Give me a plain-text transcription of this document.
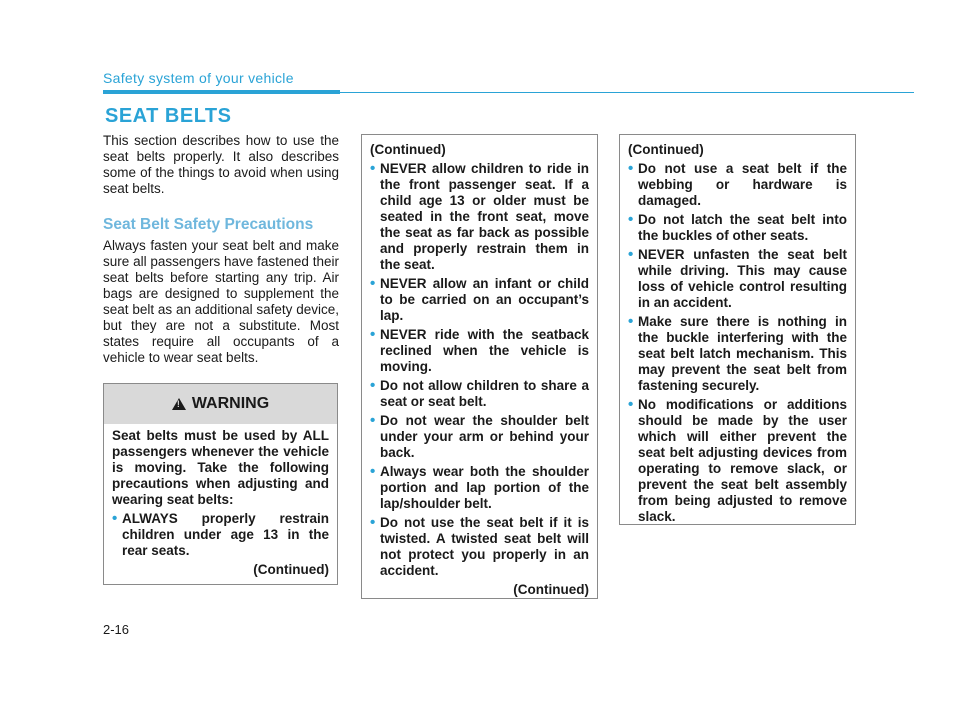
Safety system of your vehicle
SEAT BELTS
This section describes how to use the seat belts properly. It also describes some of the things to avoid when using seat belts.
Seat Belt Safety Precautions
Always fasten your seat belt and make sure all passengers have fastened their seat belts before starting any trip. Air bags are designed to supplement the seat belt as an additional safety device, but they are not a substitute. Most states require all occupants of a vehicle to wear seat belts.
!
WARNING

Seat belts must be used by ALL passengers whenever the vehicle is moving. Take the following precautions when adjusting and wearing seat belts:

• ALWAYS properly restrain children under age 13 in the rear seats.
(Continued)
(Continued)
• NEVER allow children to ride in the front passenger seat. If a child age 13 or older must be seated in the front seat, move the seat as far back as possible and properly restrain them in the seat.
• NEVER allow an infant or child to be carried on an occupant’s lap.
• NEVER ride with the seatback reclined when the vehicle is moving.
• Do not allow children to share a seat or seat belt.
• Do not wear the shoulder belt under your arm or behind your back.
• Always wear both the shoulder portion and lap portion of the lap/shoulder belt.
• Do not use the seat belt if it is twisted. A twisted seat belt will not protect you properly in an accident.
(Continued)
(Continued)
• Do not use a seat belt if the webbing or hardware is damaged.
• Do not latch the seat belt into the buckles of other seats.
• NEVER unfasten the seat belt while driving. This may cause loss of vehicle control resulting in an accident.
• Make sure there is nothing in the buckle interfering with the seat belt latch mechanism. This may prevent the seat belt from fastening securely.
• No modifications or additions should be made by the user which will either prevent the seat belt adjusting devices from operating to remove slack, or prevent the seat belt assembly from being adjusted to remove slack.
2-16
